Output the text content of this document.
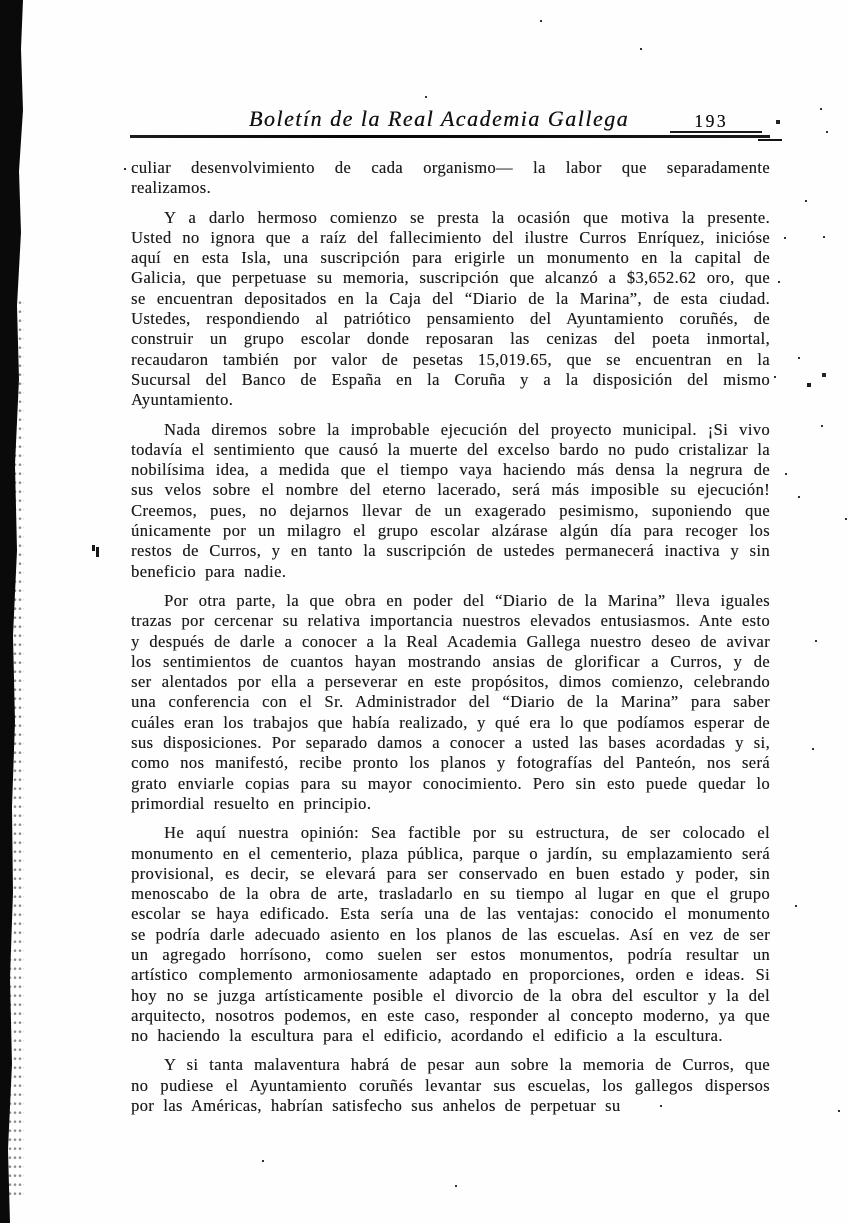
Boletín de la Real Academia Gallega	193

culiar desenvolvimiento de cada organismo— la labor que separadamente realizamos.

Y a darlo hermoso comienzo se presta la ocasión que motiva la presente. Usted no ignora que a raíz del fallecimiento del ilustre Curros Enríquez, inicióse aquí en esta Isla, una suscripción para erigirle un monumento en la capital de Galicia, que perpetuase su memoria, suscripción que alcanzó a $3,652.62 oro, que se encuentran depositados en la Caja del “Diario de la Marina”, de esta ciudad. Ustedes, respondiendo al patriótico pensamiento del Ayuntamiento coruñés, de construir un grupo escolar donde reposaran las cenizas del poeta inmortal, recaudaron también por valor de pesetas 15,019.65, que se encuentran en la Sucursal del Banco de España en la Coruña y a la disposición del mismo Ayuntamiento.

Nada diremos sobre la improbable ejecución del proyecto municipal. ¡Si vivo todavía el sentimiento que causó la muerte del excelso bardo no pudo cristalizar la nobilísima idea, a medida que el tiempo vaya haciendo más densa la negrura de sus velos sobre el nombre del eterno lacerado, será más imposible su ejecución! Creemos, pues, no dejarnos llevar de un exagerado pesimismo, suponiendo que únicamente por un milagro el grupo escolar alzárase algún día para recoger los restos de Curros, y en tanto la suscripción de ustedes permanecerá inactiva y sin beneficio para nadie.

Por otra parte, la que obra en poder del “Diario de la Marina” lleva iguales trazas por cercenar su relativa importancia nuestros elevados entusiasmos. Ante esto y después de darle a conocer a la Real Academia Gallega nuestro deseo de avivar los sentimientos de cuantos hayan mostrando ansias de glorificar a Curros, y de ser alentados por ella a perseverar en este propósitos, dimos comienzo, celebrando una conferencia con el Sr. Administrador del “Diario de la Marina” para saber cuáles eran los trabajos que había realizado, y qué era lo que podíamos esperar de sus disposiciones. Por separado damos a conocer a usted las bases acordadas y si, como nos manifestó, recibe pronto los planos y fotografías del Panteón, nos será grato enviarle copias para su mayor conocimiento. Pero sin esto puede quedar lo primordial resuelto en principio.

He aquí nuestra opinión: Sea factible por su estructura, de ser colocado el monumento en el cementerio, plaza pública, parque o jardín, su emplazamiento será provisional, es decir, se elevará para ser conservado en buen estado y poder, sin menoscabo de la obra de arte, trasladarlo en su tiempo al lugar en que el grupo escolar se haya edificado. Esta sería una de las ventajas: conocido el monumento se podría darle adecuado asiento en los planos de las escuelas. Así en vez de ser un agregado horrísono, como suelen ser estos monumentos, podría resultar un artístico complemento armoniosamente adaptado en proporciones, orden e ideas. Si hoy no se juzga artísticamente posible el divorcio de la obra del escultor y la del arquitecto, nosotros podemos, en este caso, responder al concepto moderno, ya que no haciendo la escultura para el edificio, acordando el edificio a la escultura.

Y si tanta malaventura habrá de pesar aun sobre la memoria de Curros, que no pudiese el Ayuntamiento coruñés levantar sus escuelas, los gallegos dispersos por las Américas, habrían satisfecho sus anhelos de perpetuar su
